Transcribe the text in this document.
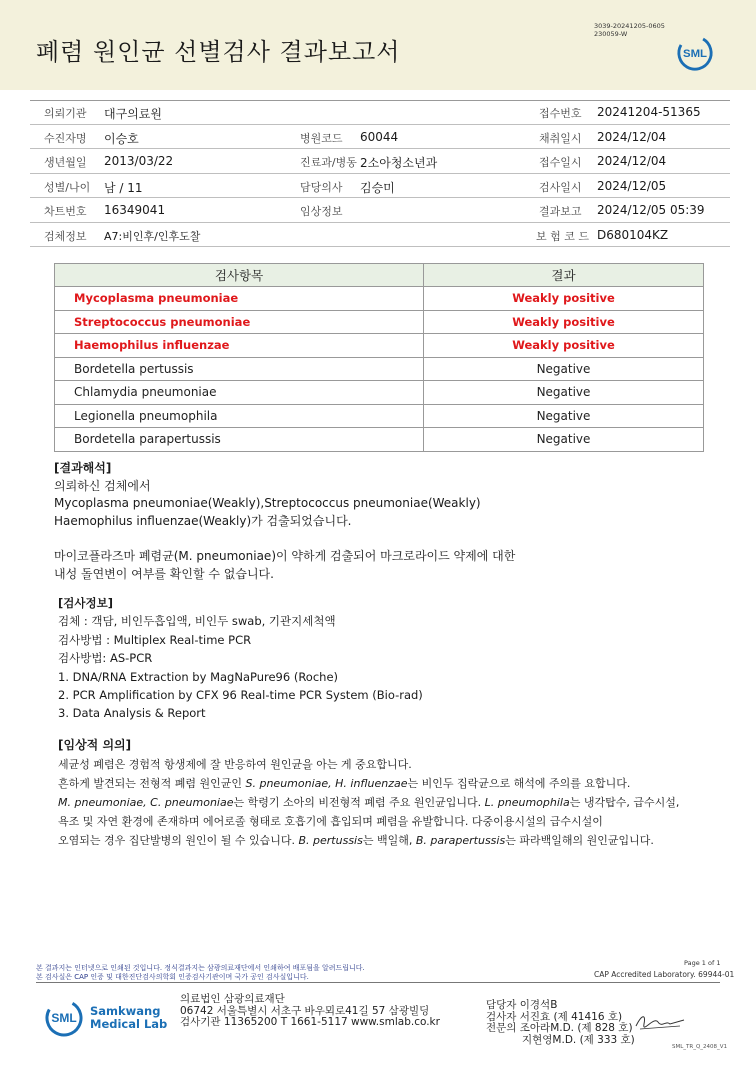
폐렴 원인균 선별검사 결과보고서
3039-20241205-0605
230059-W
SML
의뢰기관 대구의료원	접수번호 20241204-51365
수진자명 이승호	병원코드 60044	채취일시 2024/12/04
생년월일 2013/03/22	진료과/병동 2소아청소년과	접수일시 2024/12/04
성별/나이 남 / 11	담당의사 김승미	검사일시 2024/12/05
차트번호 16349041	임상정보	결과보고 2024/12/05 05:39
검체정보 A7:비인후/인후도찰	보 험 코 드 D680104KZ
검사항목	결과
Mycoplasma pneumoniae	Weakly positive
Streptococcus pneumoniae	Weakly positive
Haemophilus influenzae	Weakly positive
Bordetella pertussis	Negative
Chlamydia pneumoniae	Negative
Legionella pneumophila	Negative
Bordetella parapertussis	Negative
[결과해석]
의뢰하신 검체에서
Mycoplasma pneumoniae(Weakly),Streptococcus pneumoniae(Weakly)
Haemophilus influenzae(Weakly)가 검출되었습니다.
마이코플라즈마 폐렴균(M. pneumoniae)이 약하게 검출되어 마크로라이드 약제에 대한
내성 돌연변이 여부를 확인할 수 없습니다.
[검사정보]
검체 : 객담, 비인두흡입액, 비인두 swab, 기관지세척액
검사방법 : Multiplex Real-time PCR
검사방법: AS-PCR
1. DNA/RNA Extraction by MagNaPure96 (Roche)
2. PCR Amplification by CFX 96 Real-time PCR System (Bio-rad)
3. Data Analysis & Report
[임상적 의의]
세균성 폐렴은 경험적 항생제에 잘 반응하여 원인균을 아는 게 중요합니다.
흔하게 발견되는 전형적 폐렴 원인균인 S. pneumoniae, H. influenzae는 비인두 집락균으로 해석에 주의를 요합니다.
M. pneumoniae, C. pneumoniae는 학령기 소아의 비전형적 폐렴 주요 원인균입니다. L. pneumophila는 냉각탑수, 급수시설,
욕조 및 자연 환경에 존재하며 에어로졸 형태로 호흡기에 흡입되며 폐렴을 유발합니다. 다중이용시설의 급수시설이
오염되는 경우 집단발병의 원인이 될 수 있습니다. B. pertussis는 백일해, B. parapertussis는 파라백일해의 원인균입니다.
본 결과지는 인터넷으로 인쇄된 것입니다. 정식결과지는 삼광의료재단에서 인쇄하여 배포됨을 알려드립니다.
본 검사실은 CAP 인증 및 대한진단검사의학회 인증검사기관이며 국가 공인 검사실입니다.
Page 1 of 1
CAP Accredited Laboratory. 69944-01
SML Samkwang
Medical Lab
의료법인 삼광의료재단
06742 서울특별시 서초구 바우뫼로41길 57 삼광빌딩
검사기관 11365200 T 1661-5117 www.smlab.co.kr
담당자 이경석B
검사자 서진효 (제 41416 호)
전문의 조아라M.D. (제 828 호)
지현영M.D. (제 333 호)
SML_TR_Q_2408_V1
